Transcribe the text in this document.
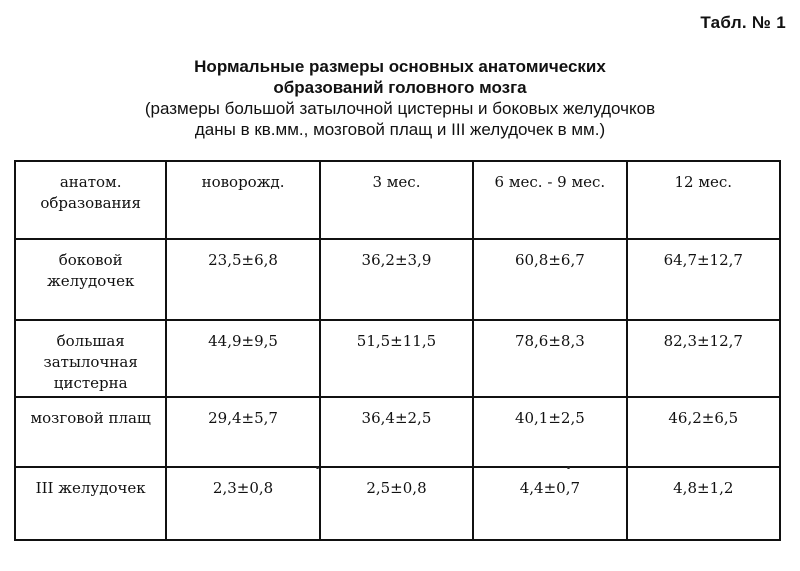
Табл. № 1
Нормальные размеры основных анатомических
образований головного мозга
(размеры большой затылочной цистерны и боковых желудочков
даны в кв.мм., мозговой плащ и III желудочек в мм.)
анатом.
образования	новорожд.	3 мес.	6 мес. - 9 мес.	12 мес.

боковой
желудочек	23,5±6,8	36,2±3,9	60,8±6,7	64,7±12,7

большая
затылочная
цистерна	44,9±9,5	51,5±11,5	78,6±8,3	82,3±12,7

мозговой плащ	29,4±5,7	36,4±2,5	40,1±2,5	46,2±6,5

III желудочек	2,3±0,8	2,5±0,8	4,4±0,7	4,8±1,2
